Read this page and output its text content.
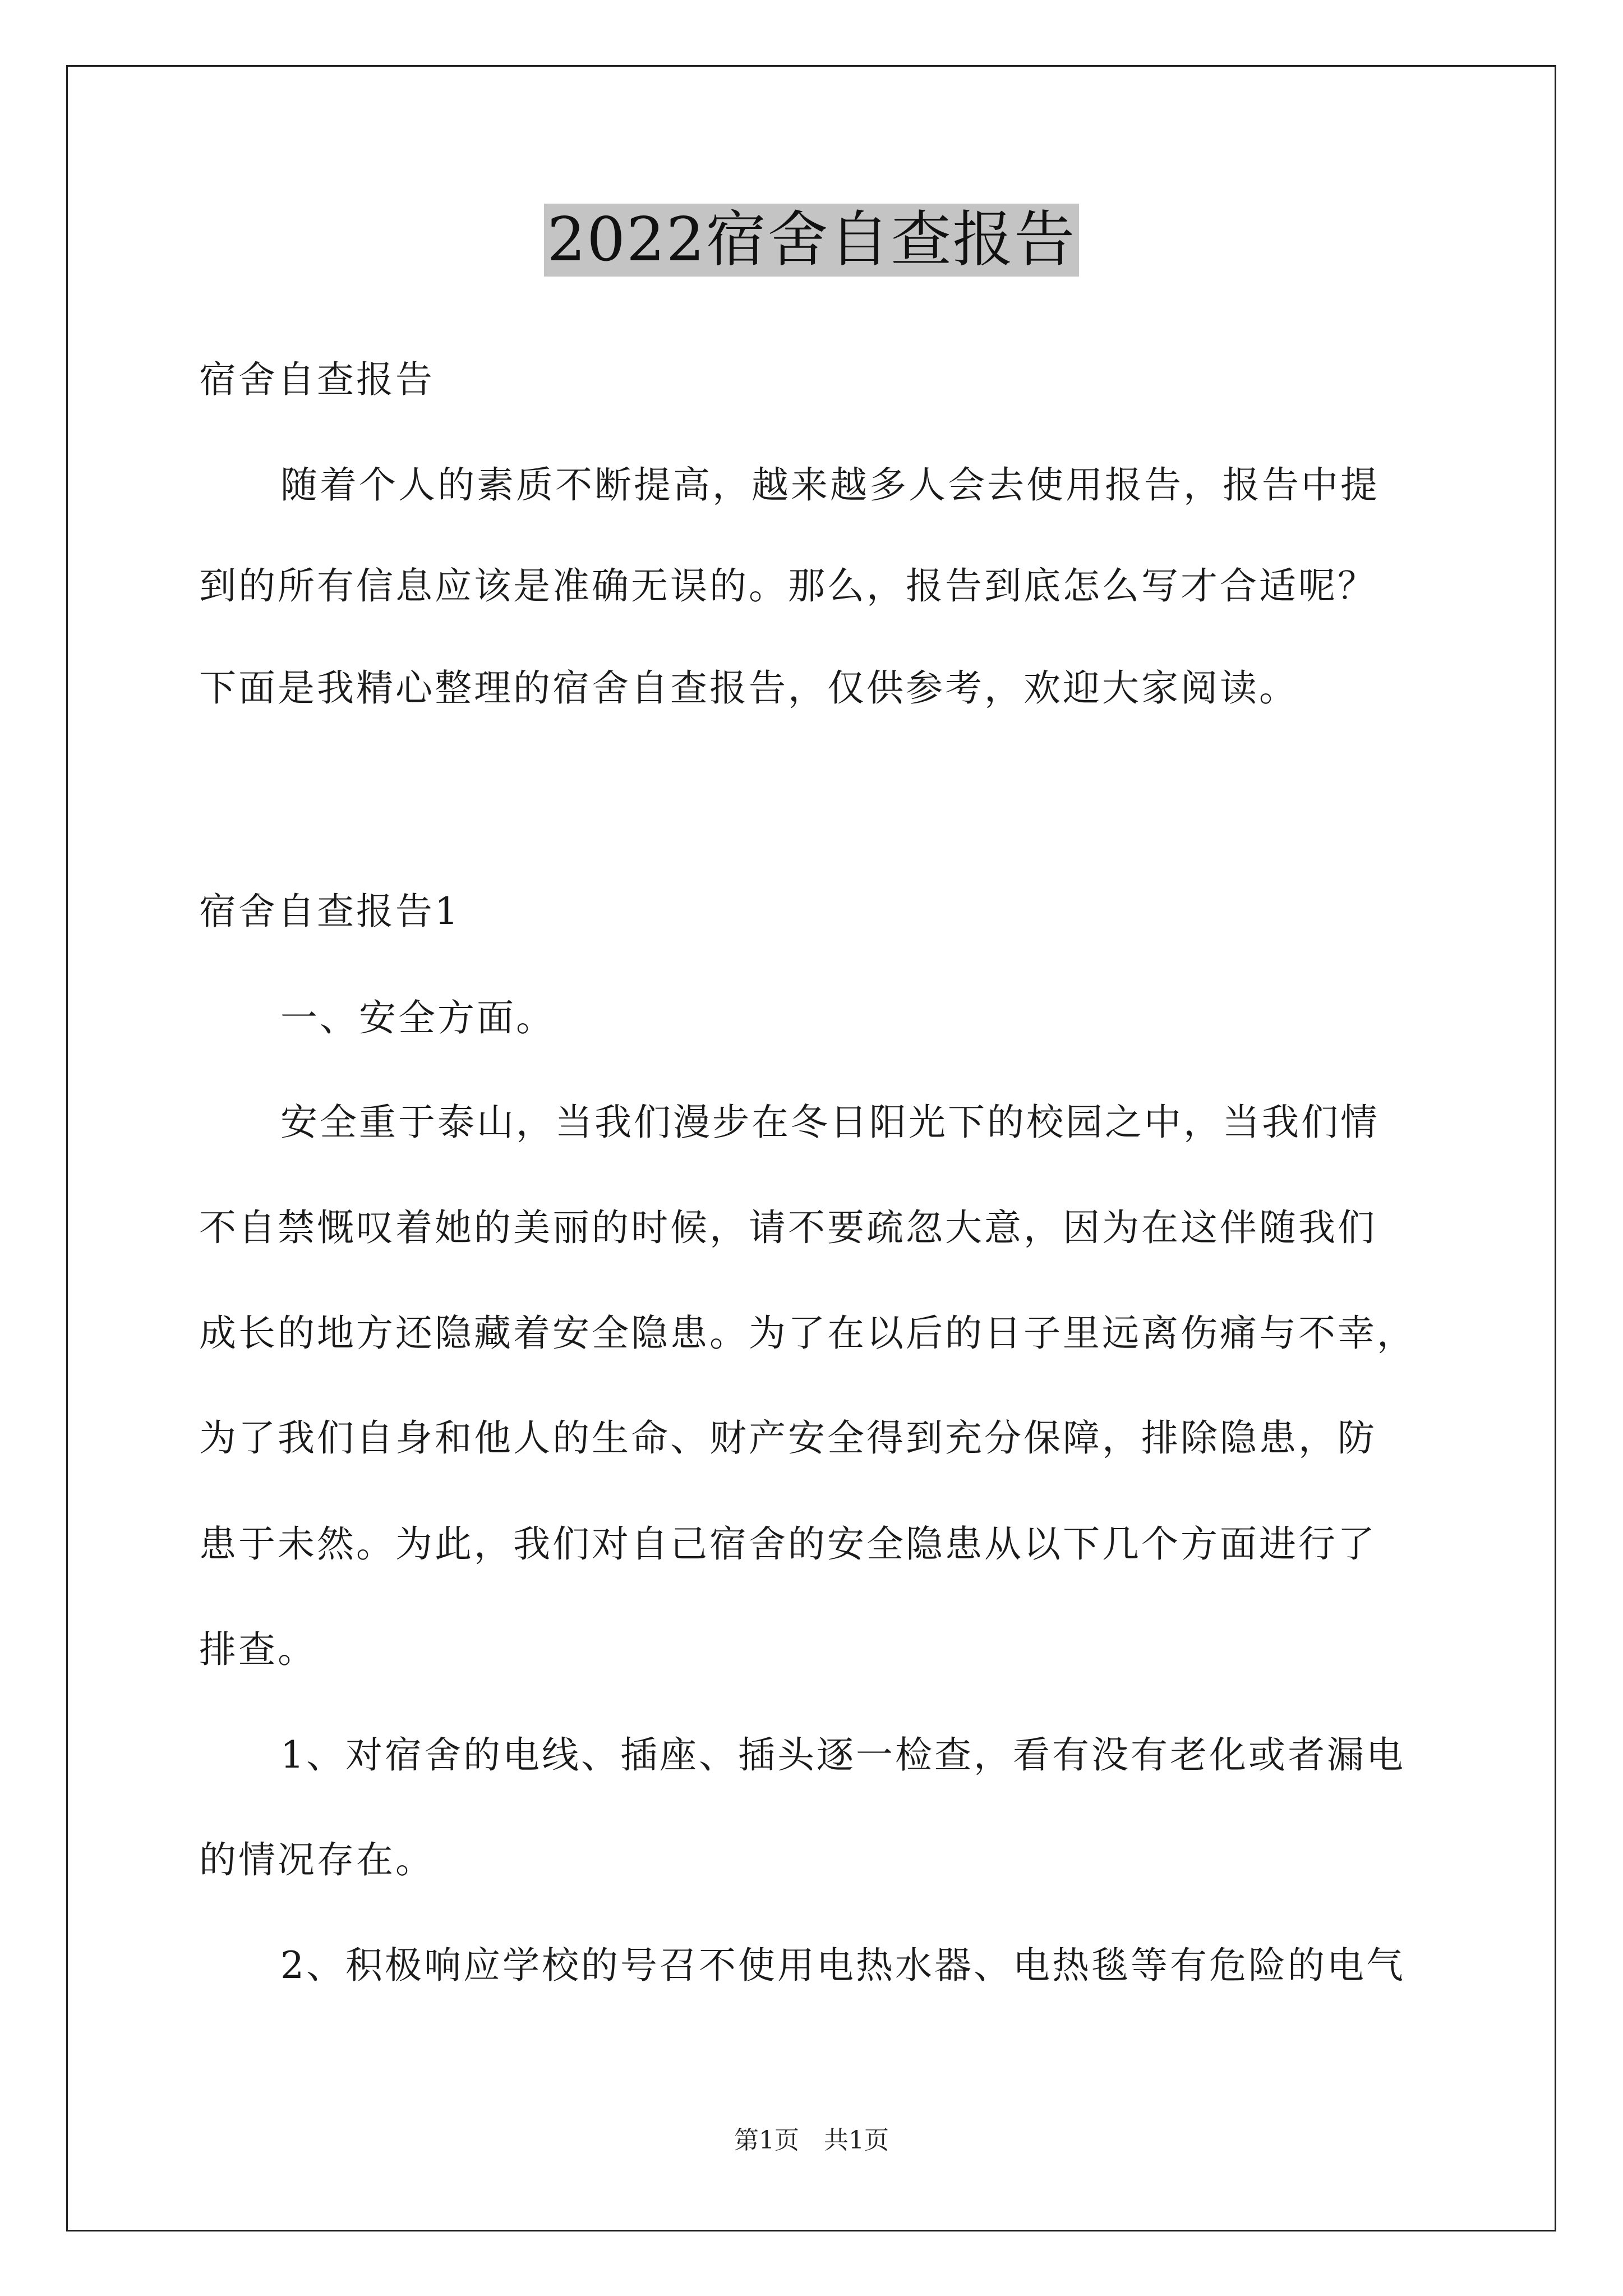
2022宿舍自查报告
宿舍自查报告
随着个人的素质不断提高，越来越多人会去使用报告，报告中提
到的所有信息应该是准确无误的。那么，报告到底怎么写才合适呢？
下面是我精心整理的宿舍自查报告，仅供参考，欢迎大家阅读。
宿舍自查报告1
一、安全方面。
安全重于泰山，当我们漫步在冬日阳光下的校园之中，当我们情
不自禁慨叹着她的美丽的时候，请不要疏忽大意，因为在这伴随我们
成长的地方还隐藏着安全隐患。为了在以后的日子里远离伤痛与不幸，
为了我们自身和他人的生命、财产安全得到充分保障，排除隐患，防
患于未然。为此，我们对自己宿舍的安全隐患从以下几个方面进行了
排查。
1、对宿舍的电线、插座、插头逐一检查，看有没有老化或者漏电
的情况存在。
2、积极响应学校的号召不使用电热水器、电热毯等有危险的电气
第1页　共1页
